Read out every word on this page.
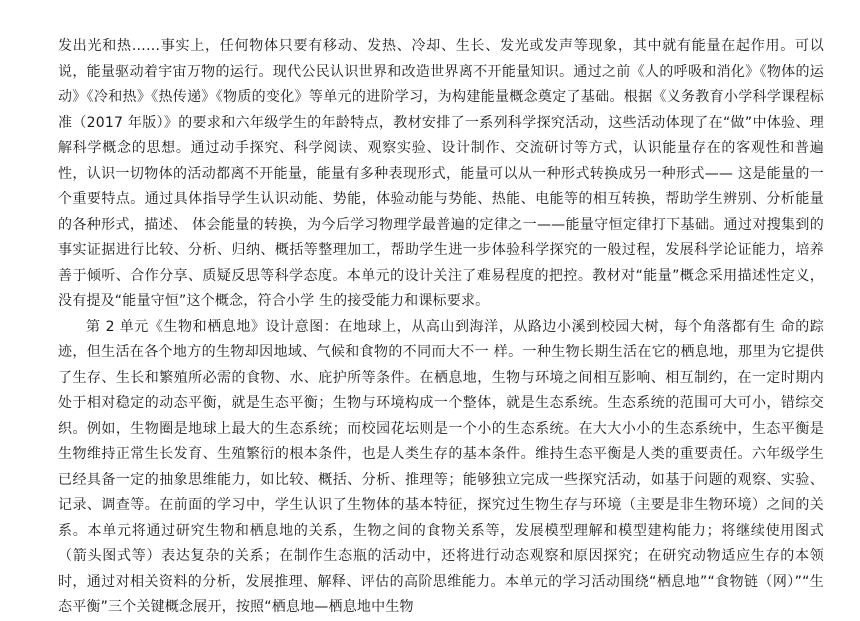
发出光和热……事实上，任何物体只要有移动、发热、冷却、生长、发光或发声等现象，其中就有能量在起作用。可以说，能量驱动着宇宙万物的运行。现代公民认识世界和改造世界离不开能量知识。通过之前《人的呼吸和消化》《物体的运动》《冷和热》《热传递》《物质的变化》等单元的进阶学习，为构建能量概念奠定了基础。根据《义务教育小学科学课程标准（2017 年版）》的要求和六年级学生的年龄特点，教材安排了一系列科学探究活动，这些活动体现了在“做”中体验、理解科学概念的思想。通过动手探究、科学阅读、观察实验、设计制作、交流研讨等方式，认识能量存在的客观性和普遍性，认识一切物体的活动都离不开能量，能量有多种表现形式，能量可以从一种形式转换成另一种形式—— 这是能量的一个重要特点。通过具体指导学生认识动能、势能，体验动能与势能、热能、电能等的相互转换，帮助学生辨别、分析能量的各种形式，描述、 体会能量的转换，为今后学习物理学最普遍的定律之一——能量守恒定律打下基础。通过对搜集到的事实证据进行比较、分析、归纳、概括等整理加工，帮助学生进一步体验科学探究的一般过程，发展科学论证能力，培养善于倾听、合作分享、质疑反思等科学态度。本单元的设计关注了难易程度的把控。教材对“能量”概念采用描述性定义，没有提及“能量守恒”这个概念，符合小学 生的接受能力和课标要求。

第 2 单元《生物和栖息地》设计意图：在地球上，从高山到海洋，从路边小溪到校园大树，每个角落都有生 命的踪迹，但生活在各个地方的生物却因地域、气候和食物的不同而大不一 样。一种生物长期生活在它的栖息地，那里为它提供了生存、生长和繁殖所必需的食物、水、庇护所等条件。在栖息地，生物与环境之间相互影响、相互制约，在一定时期内处于相对稳定的动态平衡，就是生态平衡；生物与环境构成一个整体，就是生态系统。生态系统的范围可大可小，错综交织。例如，生物圈是地球上最大的生态系统；而校园花坛则是一个小的生态系统。在大大小小的生态系统中，生态平衡是生物维持正常生长发育、生殖繁衍的根本条件，也是人类生存的基本条件。维持生态平衡是人类的重要责任。六年级学生已经具备一定的抽象思维能力，如比较、概括、分析、推理等；能够独立完成一些探究活动，如基于问题的观察、实验、记录、调查等。在前面的学习中，学生认识了生物体的基本特征，探究过生物生存与环境（主要是非生物环境）之间的关系。本单元将通过研究生物和栖息地的关系，生物之间的食物关系等，发展模型理解和模型建构能力；将继续使用图式（箭头图式等）表达复杂的关系；在制作生态瓶的活动中，还将进行动态观察和原因探究；在研究动物适应生存的本领时，通过对相关资料的分析，发展推理、解释、评估的高阶思维能力。本单元的学习活动围绕“栖息地”“食物链（网）”“生态平衡”三个关键概念展开，按照“栖息地—栖息地中生物
